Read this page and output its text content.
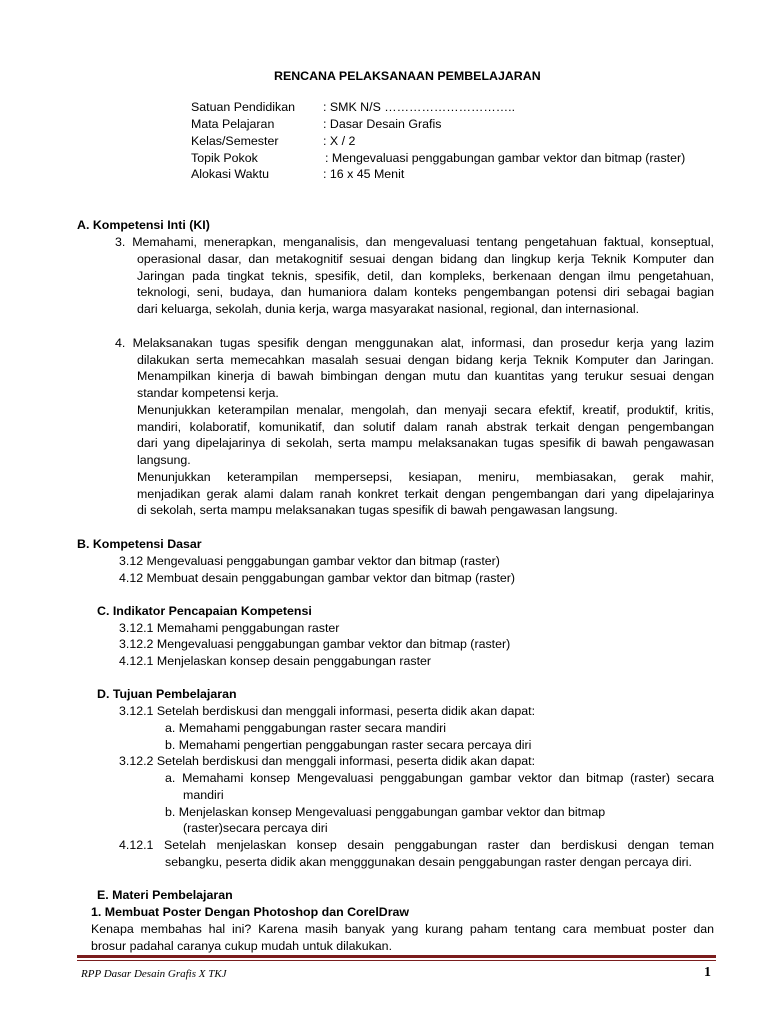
RENCANA PELAKSANAAN PEMBELAJARAN
Satuan Pendidikan : SMK N/S …………………………..
Mata Pelajaran	: Dasar Desain Grafis
Kelas/Semester	: X / 2
Topik Pokok	: Mengevaluasi penggabungan gambar vektor dan bitmap (raster)
Alokasi Waktu	: 16 x 45 Menit
A. Kompetensi Inti (KI)
3. Memahami, menerapkan, menganalisis, dan mengevaluasi tentang pengetahuan faktual, konseptual,
operasional dasar, dan metakognitif sesuai dengan bidang dan lingkup kerja Teknik Komputer dan
Jaringan pada tingkat teknis, spesifik, detil, dan kompleks, berkenaan dengan ilmu pengetahuan,
teknologi, seni, budaya, dan humaniora dalam konteks pengembangan potensi diri sebagai bagian
dari keluarga, sekolah, dunia kerja, warga masyarakat nasional, regional, dan internasional.
4. Melaksanakan tugas spesifik dengan menggunakan alat, informasi, dan prosedur kerja yang lazim
dilakukan serta memecahkan masalah sesuai dengan bidang kerja Teknik Komputer dan Jaringan.
Menampilkan kinerja di bawah bimbingan dengan mutu dan kuantitas yang terukur sesuai dengan
standar kompetensi kerja.
Menunjukkan keterampilan menalar, mengolah, dan menyaji secara efektif, kreatif, produktif, kritis,
mandiri, kolaboratif, komunikatif, dan solutif dalam ranah abstrak terkait dengan pengembangan
dari yang dipelajarinya di sekolah, serta mampu melaksanakan tugas spesifik di bawah pengawasan
langsung.
Menunjukkan keterampilan mempersepsi, kesiapan, meniru, membiasakan, gerak mahir,
menjadikan gerak alami dalam ranah konkret terkait dengan pengembangan dari yang dipelajarinya
di sekolah, serta mampu melaksanakan tugas spesifik di bawah pengawasan langsung.
B. Kompetensi Dasar
3.12 Mengevaluasi penggabungan gambar vektor dan bitmap (raster)
4.12 Membuat desain penggabungan gambar vektor dan bitmap (raster)
C. Indikator Pencapaian Kompetensi
3.12.1 Memahami penggabungan raster
3.12.2 Mengevaluasi penggabungan gambar vektor dan bitmap (raster)
4.12.1 Menjelaskan konsep desain penggabungan raster
D. Tujuan Pembelajaran
3.12.1 Setelah berdiskusi dan menggali informasi, peserta didik akan dapat:
a. Memahami penggabungan raster secara mandiri
b. Memahami pengertian penggabungan raster secara percaya diri
3.12.2 Setelah berdiskusi dan menggali informasi, peserta didik akan dapat:
a. Memahami konsep Mengevaluasi penggabungan gambar vektor dan bitmap (raster) secara
mandiri
b. Menjelaskan konsep Mengevaluasi penggabungan gambar vektor dan bitmap
(raster)secara percaya diri
4.12.1 Setelah menjelaskan konsep desain penggabungan raster dan berdiskusi dengan teman
sebangku, peserta didik akan mengggunakan desain penggabungan raster dengan percaya diri.
E. Materi Pembelajaran
1. Membuat Poster Dengan Photoshop dan CorelDraw
Kenapa membahas hal ini? Karena masih banyak yang kurang paham tentang cara membuat poster dan
brosur padahal caranya cukup mudah untuk dilakukan.
RPP Dasar Desain Grafis X TKJ	1
